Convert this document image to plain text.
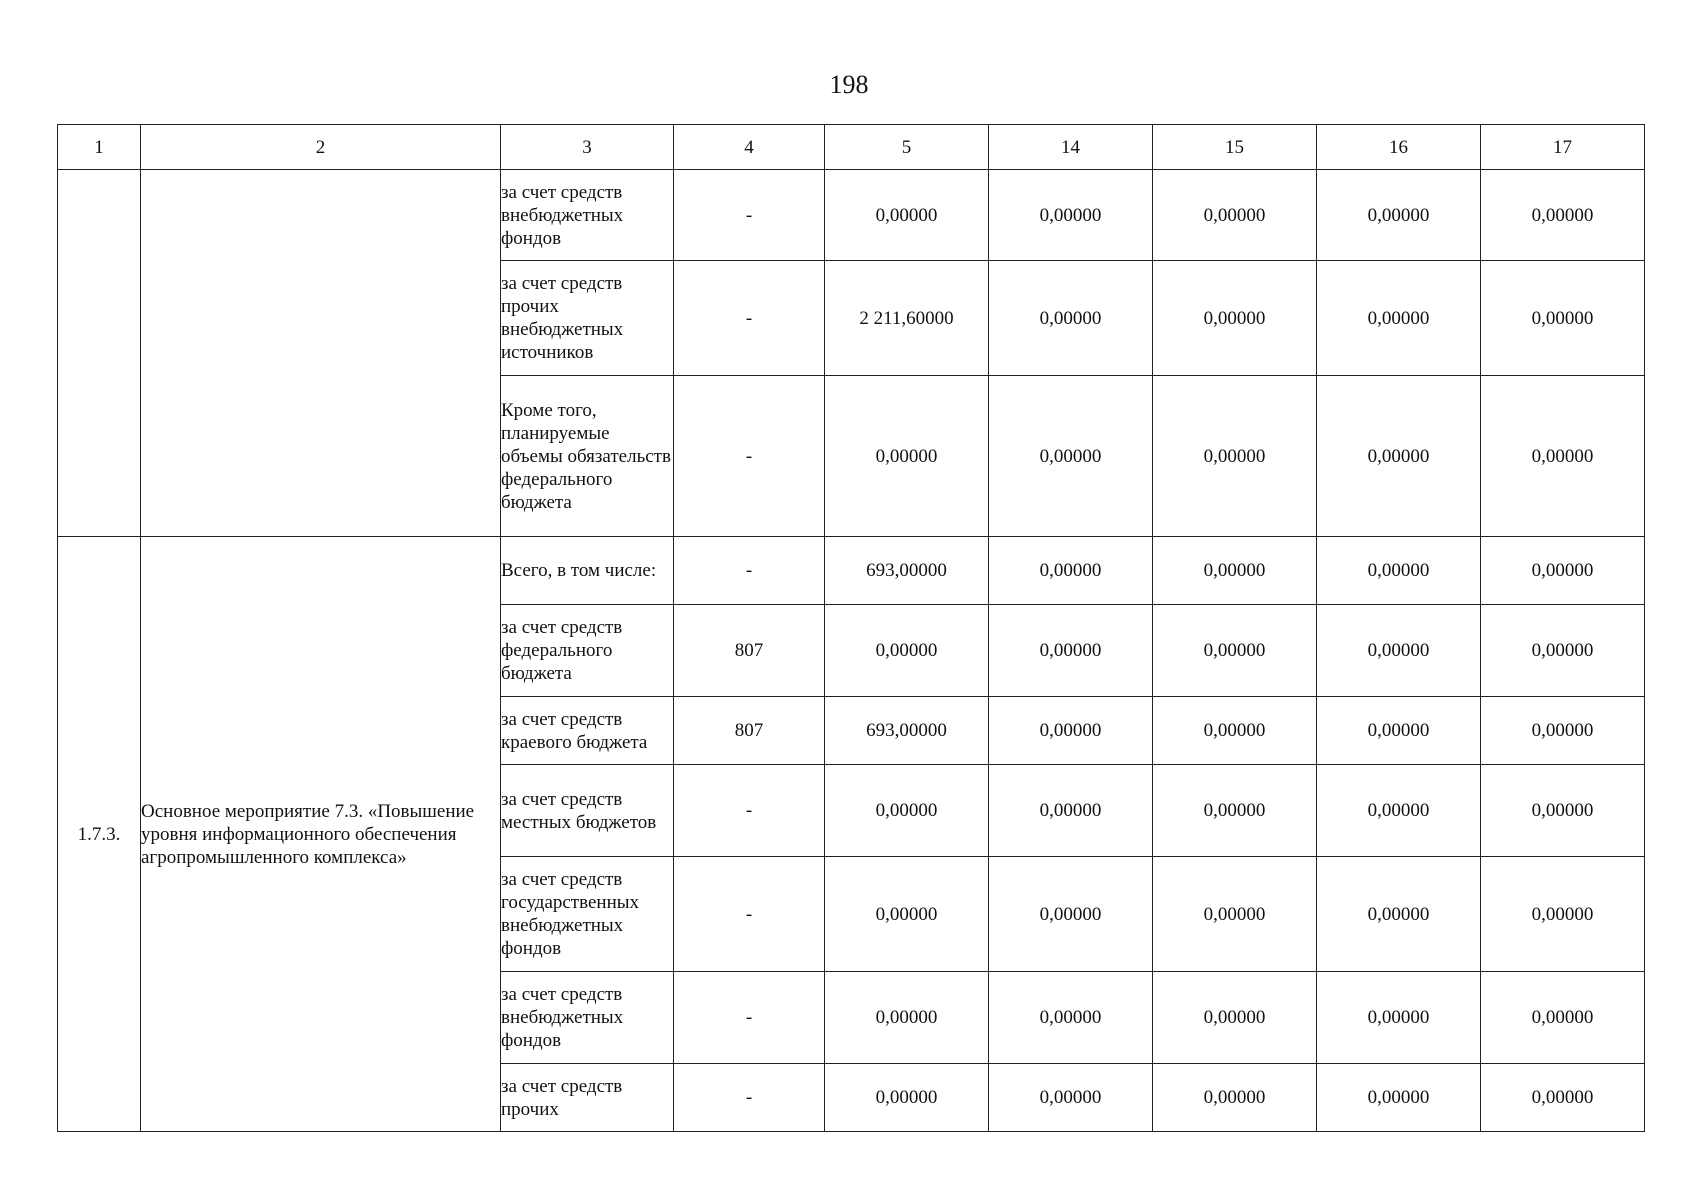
198
1	2	3	4	5	14	15	16	17
		за счет средств внебюджетных фондов	-	0,00000	0,00000	0,00000	0,00000	0,00000
		за счет средств прочих внебюджетных источников	-	2 211,60000	0,00000	0,00000	0,00000	0,00000
		Кроме того, планируемые объемы обязательств федерального бюджета	-	0,00000	0,00000	0,00000	0,00000	0,00000
1.7.3.	Основное мероприятие 7.3. «Повышение уровня информационного обеспечения агропромышленного комплекса»	Всего, в том числе:	-	693,00000	0,00000	0,00000	0,00000	0,00000
		за счет средств федерального бюджета	807	0,00000	0,00000	0,00000	0,00000	0,00000
		за счет средств краевого бюджета	807	693,00000	0,00000	0,00000	0,00000	0,00000
		за счет средств местных бюджетов	-	0,00000	0,00000	0,00000	0,00000	0,00000
		за счет средств государственных внебюджетных фондов	-	0,00000	0,00000	0,00000	0,00000	0,00000
		за счет средств внебюджетных фондов	-	0,00000	0,00000	0,00000	0,00000	0,00000
		за счет средств прочих	-	0,00000	0,00000	0,00000	0,00000	0,00000
